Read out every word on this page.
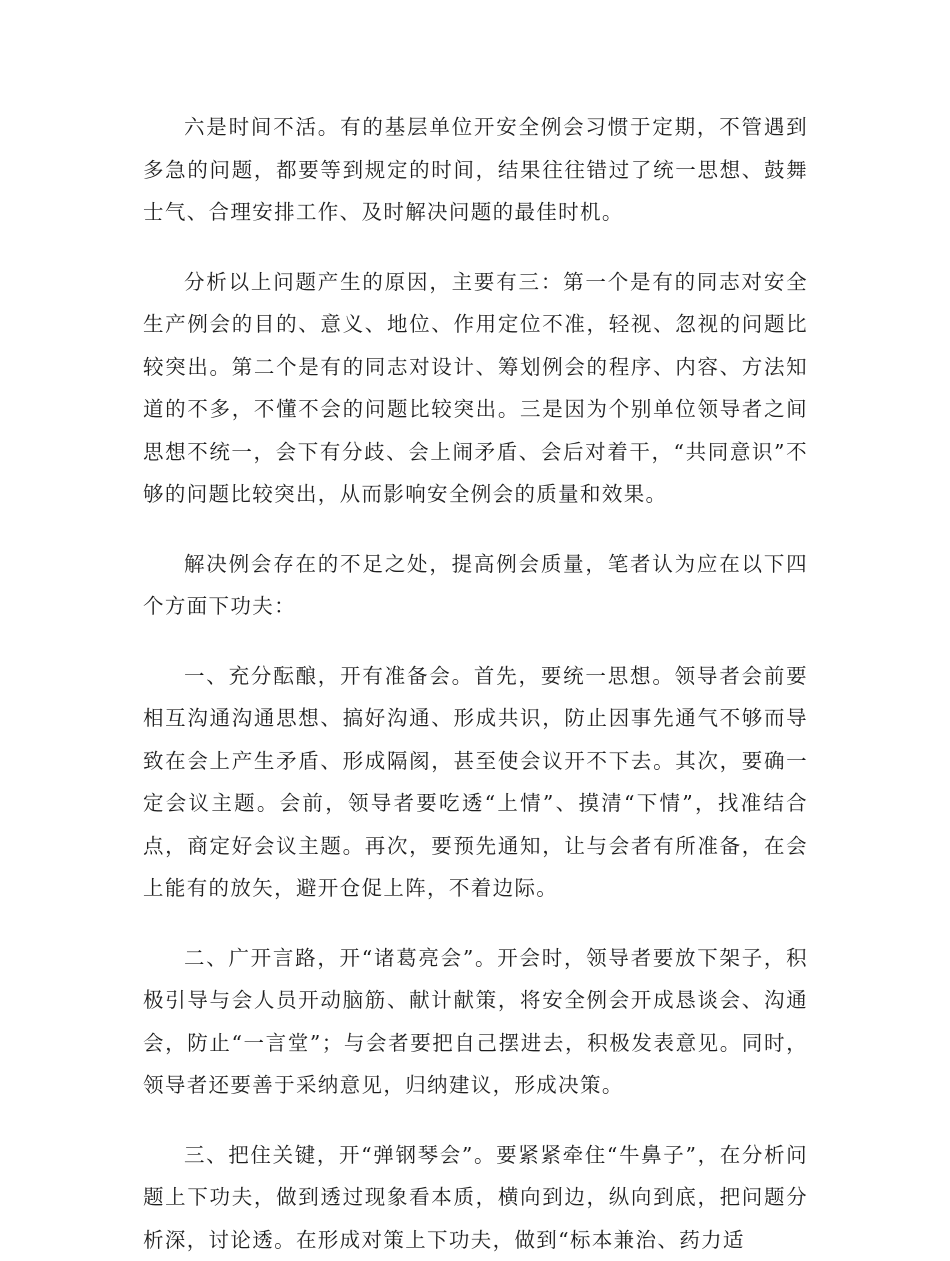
六是时间不活。有的基层单位开安全例会习惯于定期，不管遇到多急的问题，都要等到规定的时间，结果往往错过了统一思想、鼓舞士气、合理安排工作、及时解决问题的最佳时机。

分析以上问题产生的原因，主要有三：第一个是有的同志对安全生产例会的目的、意义、地位、作用定位不准，轻视、忽视的问题比较突出。第二个是有的同志对设计、筹划例会的程序、内容、方法知道的不多，不懂不会的问题比较突出。三是因为个别单位领导者之间思想不统一，会下有分歧、会上闹矛盾、会后对着干，“共同意识”不够的问题比较突出，从而影响安全例会的质量和效果。

解决例会存在的不足之处，提高例会质量，笔者认为应在以下四个方面下功夫：

一、充分酝酿，开有准备会。首先，要统一思想。领导者会前要相互沟通沟通思想、搞好沟通、形成共识，防止因事先通气不够而导致在会上产生矛盾、形成隔阂，甚至使会议开不下去。其次，要确一定会议主题。会前，领导者要吃透“上情”、摸清“下情”，找准结合点，商定好会议主题。再次，要预先通知，让与会者有所准备，在会上能有的放矢，避开仓促上阵，不着边际。

二、广开言路，开“诸葛亮会”。开会时，领导者要放下架子，积极引导与会人员开动脑筋、献计献策，将安全例会开成恳谈会、沟通会，防止“一言堂”；与会者要把自己摆进去，积极发表意见。同时，领导者还要善于采纳意见，归纳建议，形成决策。

三、把住关键，开“弹钢琴会”。要紧紧牵住“牛鼻子”，在分析问题上下功夫，做到透过现象看本质，横向到边，纵向到底，把问题分析深，讨论透。在形成对策上下功夫，做到“标本兼治、药力适
